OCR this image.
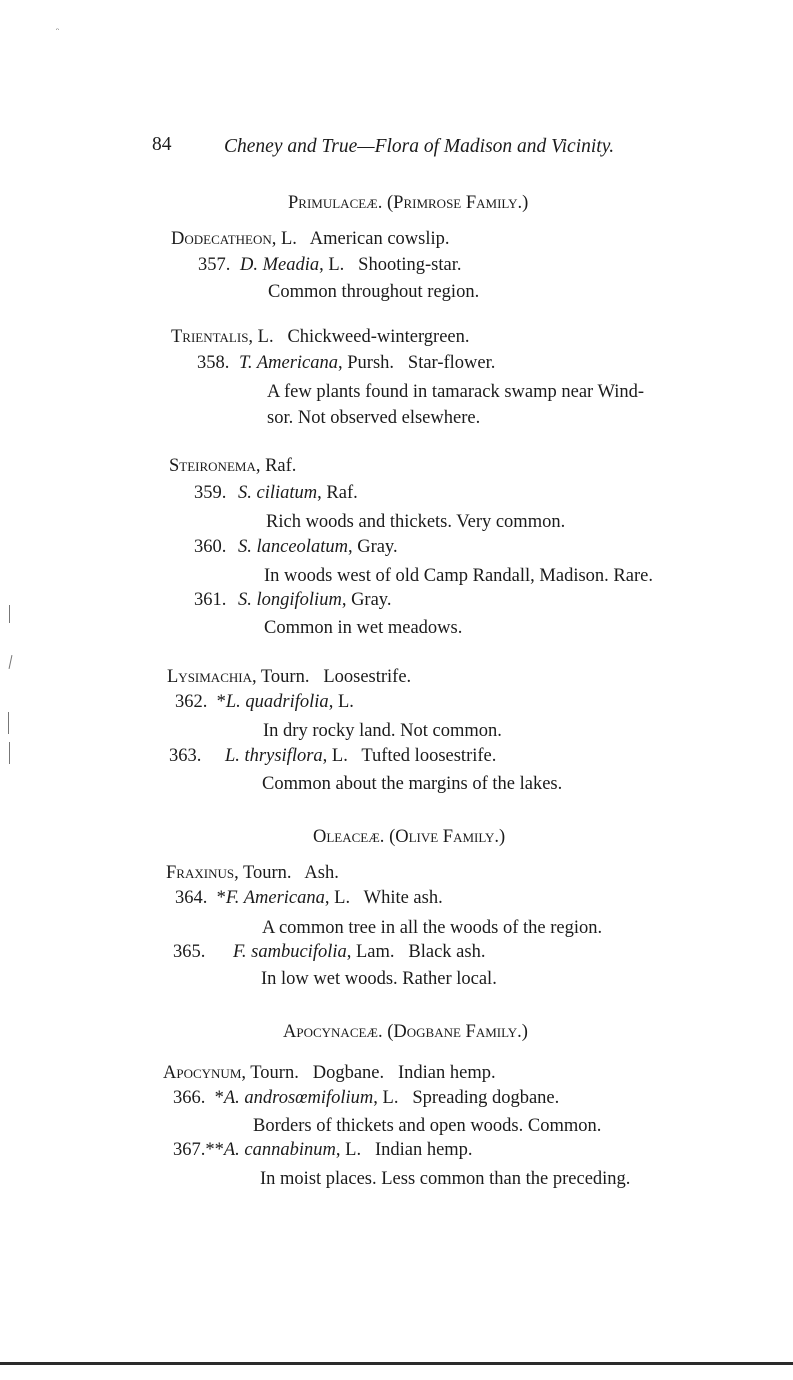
ᵔ
84	Cheney and True—Flora of Madison and Vicinity.
Primulaceæ. (Primrose Family.)
Dodecatheon, L.   American cowslip.
357. D. Meadia, L.   Shooting-star.
Common throughout region.
Trientalis, L.   Chickweed-wintergreen.
358. T. Americana, Pursh.   Star-flower.
A few plants found in tamarack swamp near Wind-
sor. Not observed elsewhere.
Steironema, Raf.
359. S. ciliatum, Raf.
Rich woods and thickets. Very common.
360. S. lanceolatum, Gray.
In woods west of old Camp Randall, Madison. Rare.
361. S. longifolium, Gray.
Common in wet meadows.
Lysimachia, Tourn.   Loosestrife.
362.  *L. quadrifolia, L.
In dry rocky land. Not common.
363. L. thrysiflora, L.   Tufted loosestrife.
Common about the margins of the lakes.
Oleaceæ. (Olive Family.)
Fraxinus, Tourn.   Ash.
364.  *F. Americana, L.   White ash.
A common tree in all the woods of the region.
365. F. sambucifolia, Lam.   Black ash.
In low wet woods. Rather local.
Apocynaceæ. (Dogbane Family.)
Apocynum, Tourn.   Dogbane.   Indian hemp.
366.  *A. androsœmifolium, L.   Spreading dogbane.
Borders of thickets and open woods. Common.
367.**A. cannabinum, L.   Indian hemp.
In moist places. Less common than the preceding.
